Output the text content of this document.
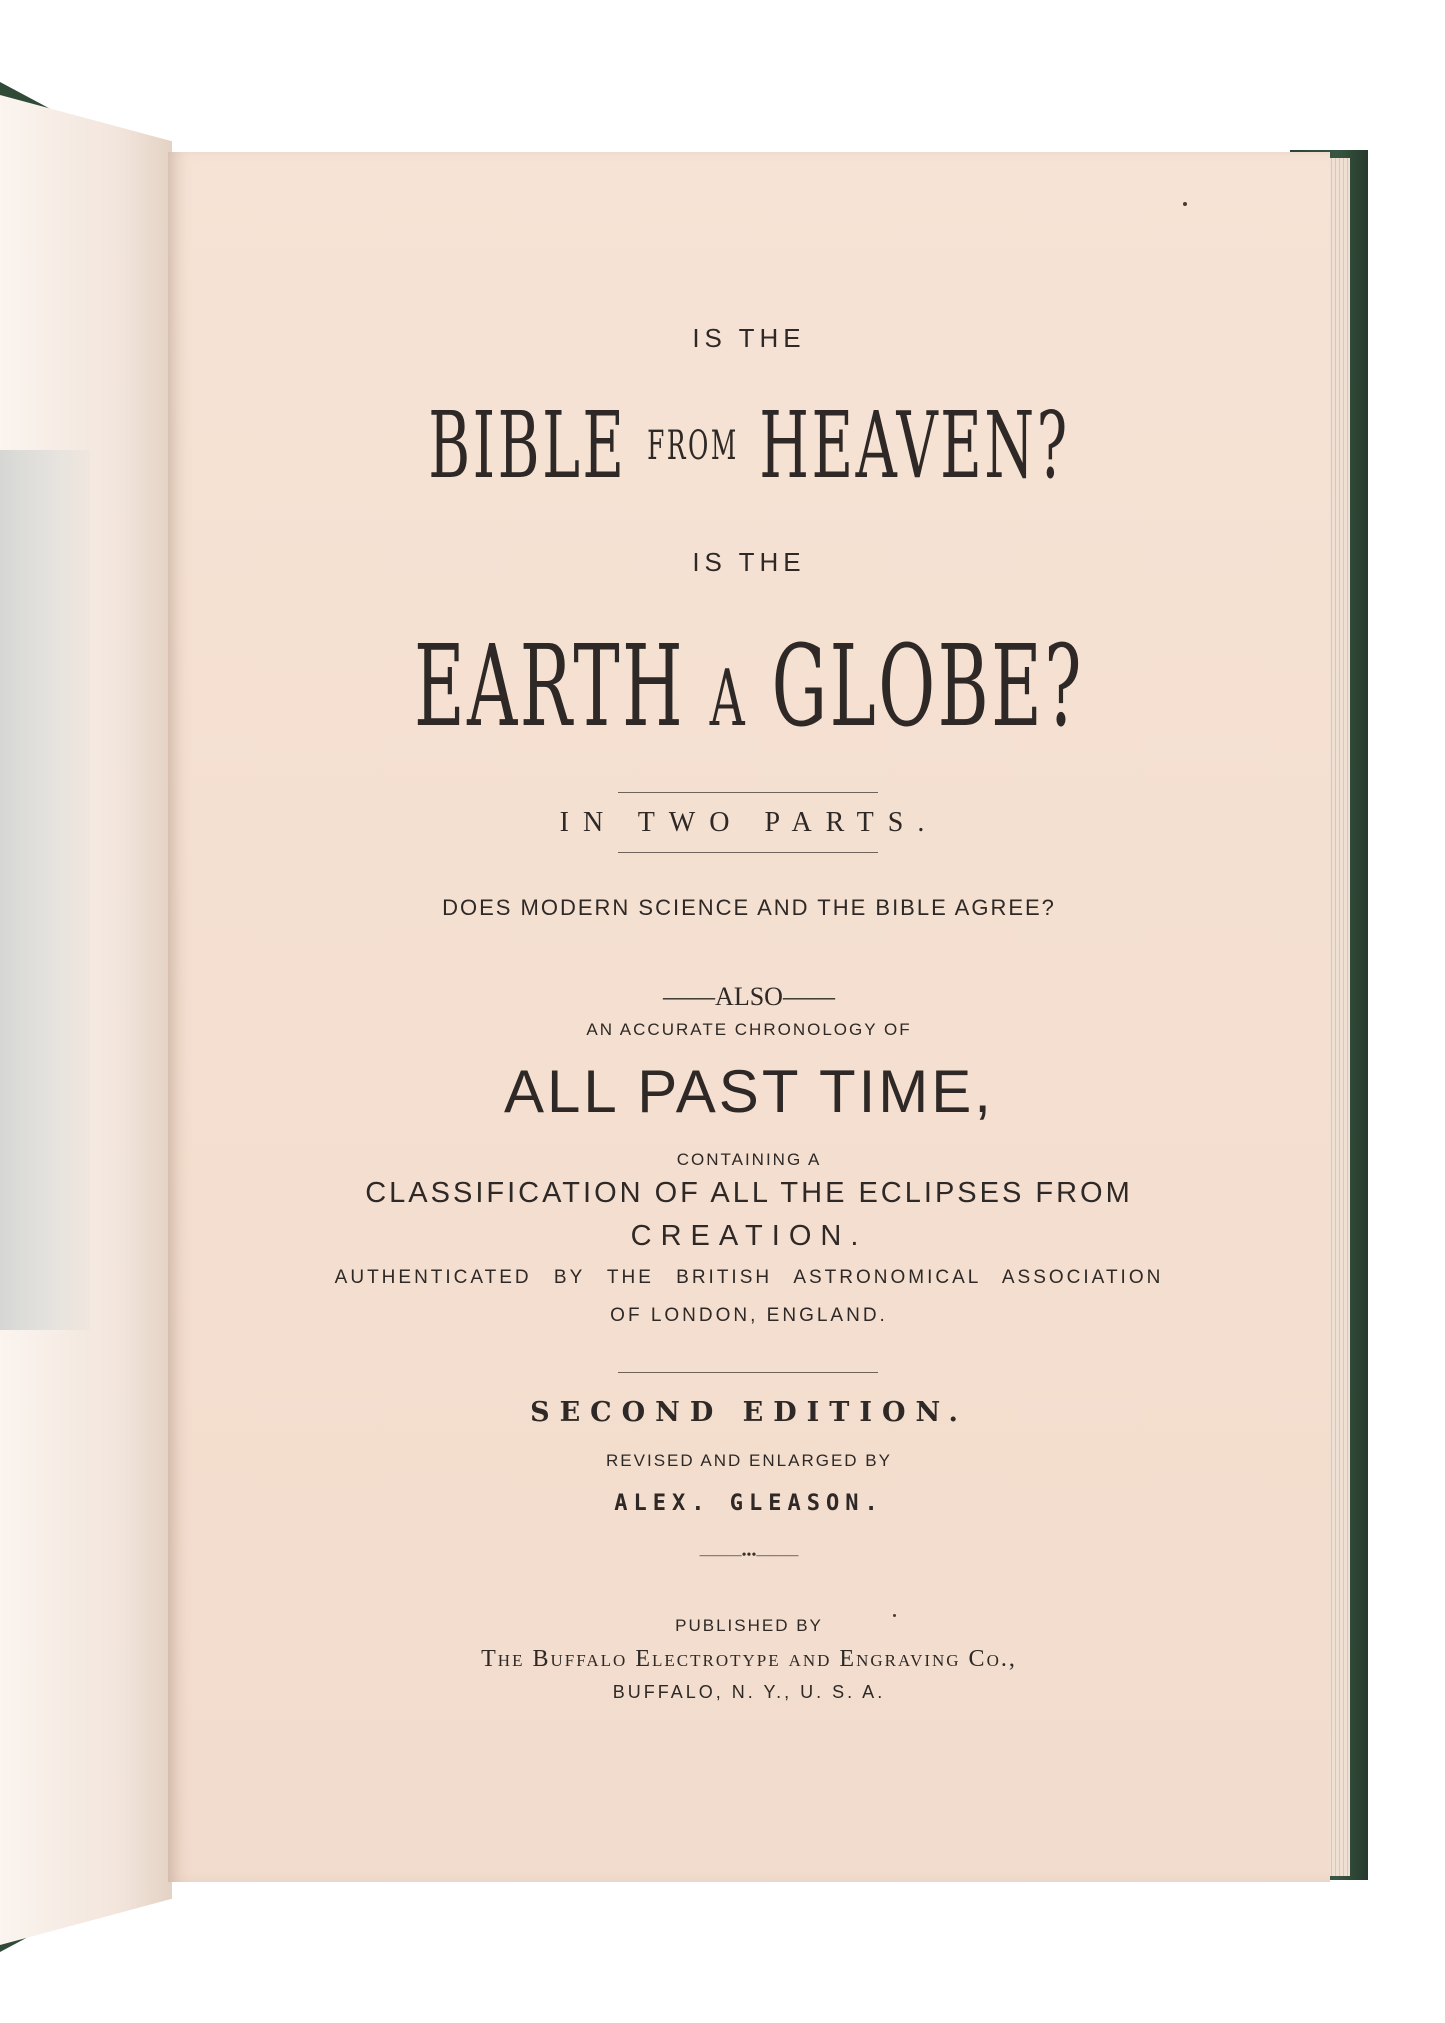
IS THE
BIBLE FROM HEAVEN?
IS THE
EARTH A GLOBE?
IN TWO PARTS.
DOES MODERN SCIENCE AND THE BIBLE AGREE?
——ALSO——
AN ACCURATE CHRONOLOGY OF
ALL PAST TIME,
CONTAINING A
CLASSIFICATION OF ALL THE ECLIPSES FROM
CREATION.
AUTHENTICATED BY THE BRITISH ASTRONOMICAL ASSOCIATION
OF LONDON, ENGLAND.
SECOND EDITION.
REVISED AND ENLARGED BY
ALEX. GLEASON.
———•••———
PUBLISHED BY
The Buffalo Electrotype and Engraving Co.,
BUFFALO, N. Y., U. S. A.
